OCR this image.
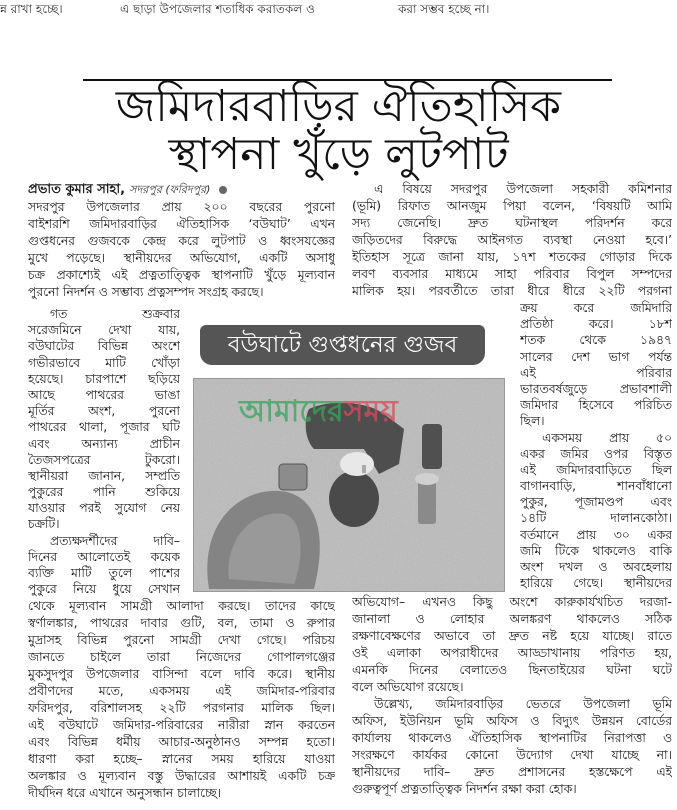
ন্ন রাখা হচ্ছে।	এ ছাড়া উপজেলার শতাধিক করাতকল ও	করা সম্ভব হচ্ছে না।
জমিদারবাড়ির ঐতিহাসিক
স্থাপনা খুঁড়ে লুটপাট
প্রভাত কুমার সাহা, সদরপুর (ফরিদপুর)
সদরপুর উপজেলার প্রায় ২০০ বছরের পুরনো
বাইশরশি জমিদারবাড়ির ঐতিহাসিক ‘বউঘাট’ এখন
গুপ্তধনের গুজবকে কেন্দ্র করে লুটপাট ও ধ্বংসযজ্ঞের
মুখে পড়েছে। স্থানীয়দের অভিযোগ, একটি অসাধু
চক্র প্রকাশ্যেই এই প্রত্নতাত্ত্বিক স্থাপনাটি খুঁড়ে মূল্যবান
পুরনো নিদর্শন ও সম্ভাব্য প্রত্নসম্পদ সংগ্রহ করছে।
গত শুক্রবার
সরেজমিনে দেখা যায়,
বউঘাটের বিভিন্ন অংশে
গভীরভাবে মাটি খোঁড়া
হয়েছে। চারপাশে ছড়িয়ে
আছে পাথরের ভাঙা
মূর্তির অংশ, পুরনো
পাথরের থালা, পূজার ঘটি
এবং অন্যান্য প্রাচীন
তৈজসপত্রের টুকরো।
স্থানীয়রা জানান, সম্প্রতি
পুকুরের পানি শুকিয়ে
যাওয়ার পরই সুযোগ নেয়
চক্রটি।
প্রত্যক্ষদর্শীদের দাবি–
দিনের আলোতেই কয়েক
ব্যক্তি মাটি তুলে পাশের
পুকুরে নিয়ে ধুয়ে সেখান
থেকে মূল্যবান সামগ্রী আলাদা করছে। তাদের কাছে
স্বর্ণালঙ্কার, পাথরের দাবার গুটি, বল, তামা ও রুপার
মুদ্রাসহ বিভিন্ন পুরনো সামগ্রী দেখা গেছে। পরিচয়
জানতে চাইলে তারা নিজেদের গোপালগঞ্জের
মুকসুদপুর উপজেলার বাসিন্দা বলে দাবি করে। স্থানীয়
প্রবীণদের মতে, একসময় এই জমিদার-পরিবার
ফরিদপুর, বরিশালসহ ২২টি পরগনার মালিক ছিল।
এই বউঘাটে জমিদার-পরিবারের নারীরা স্নান করতেন
এবং বিভিন্ন ধর্মীয় আচার-অনুষ্ঠানও সম্পন্ন হতো।
ধারণা করা হচ্ছে– স্নানের সময় হারিয়ে যাওয়া
অলঙ্কার ও মূল্যবান বস্তু উদ্ধারের আশায়ই একটি চক্র
দীর্ঘদিন ধরে এখানে অনুসন্ধান চালাচ্ছে।
এ বিষয়ে সদরপুর উপজেলা সহকারী কমিশনার
(ভূমি) রিফাত আনজুম পিয়া বলেন, ‘বিষয়টি আমি
সদ্য জেনেছি। দ্রুত ঘটনাস্থল পরিদর্শন করে
জড়িতদের বিরুদ্ধে আইনগত ব্যবস্থা নেওয়া হবে।’
ইতিহাস সূত্রে জানা যায়, ১৭শ শতকের গোড়ার দিকে
লবণ ব্যবসার মাধ্যমে সাহা পরিবার বিপুল সম্পদের
মালিক হয়। পরবর্তীতে তারা ধীরে ধীরে ২২টি পরগনা
ক্রয় করে জমিদারি
প্রতিষ্ঠা করে। ১৮শ
শতক থেকে ১৯৪৭
সালের দেশ ভাগ পর্যন্ত
এই পরিবার
ভারতবর্ষজুড়ে প্রভাবশালী
জমিদার হিসেবে পরিচিত
ছিল।
একসময় প্রায় ৫০
একর জমির ওপর বিস্তৃত
এই জমিদারবাড়িতে ছিল
বাগানবাড়ি, শানবাঁধানো
পুকুর, পূজামণ্ডপ এবং
১৪টি দালানকোঠা।
বর্তমানে প্রায় ৩০ একর
জমি টিকে থাকলেও বাকি
অংশ দখল ও অবহেলায়
হারিয়ে গেছে। স্থানীয়দের
অভিযোগ– এখনও কিছু অংশে কারুকার্যখচিত দরজা-
জানালা ও লোহার অলঙ্করণ থাকলেও সঠিক
রক্ষণাবেক্ষণের অভাবে তা দ্রুত নষ্ট হয়ে যাচ্ছে। রাতে
ওই এলাকা অপরাধীদের আড্ডাখানায় পরিণত হয়,
এমনকি দিনের বেলাতেও ছিনতাইয়ের ঘটনা ঘটে
বলে অভিযোগ রয়েছে।
উল্লেখ্য, জমিদারবাড়ির ভেতরে উপজেলা ভূমি
অফিস, ইউনিয়ন ভূমি অফিস ও বিদ্যুৎ উন্নয়ন বোর্ডের
কার্যালয় থাকলেও ঐতিহাসিক স্থাপনাটির নিরাপত্তা ও
সংরক্ষণে কার্যকর কোনো উদ্যোগ দেখা যাচ্ছে না।
স্থানীয়দের দাবি– দ্রুত প্রশাসনের হস্তক্ষেপে এই
গুরুত্বপূর্ণ প্রত্নতাত্ত্বিক নিদর্শন রক্ষা করা হোক।
বউঘাটে গুপ্তধনের গুজব
আমাদেরসময়
